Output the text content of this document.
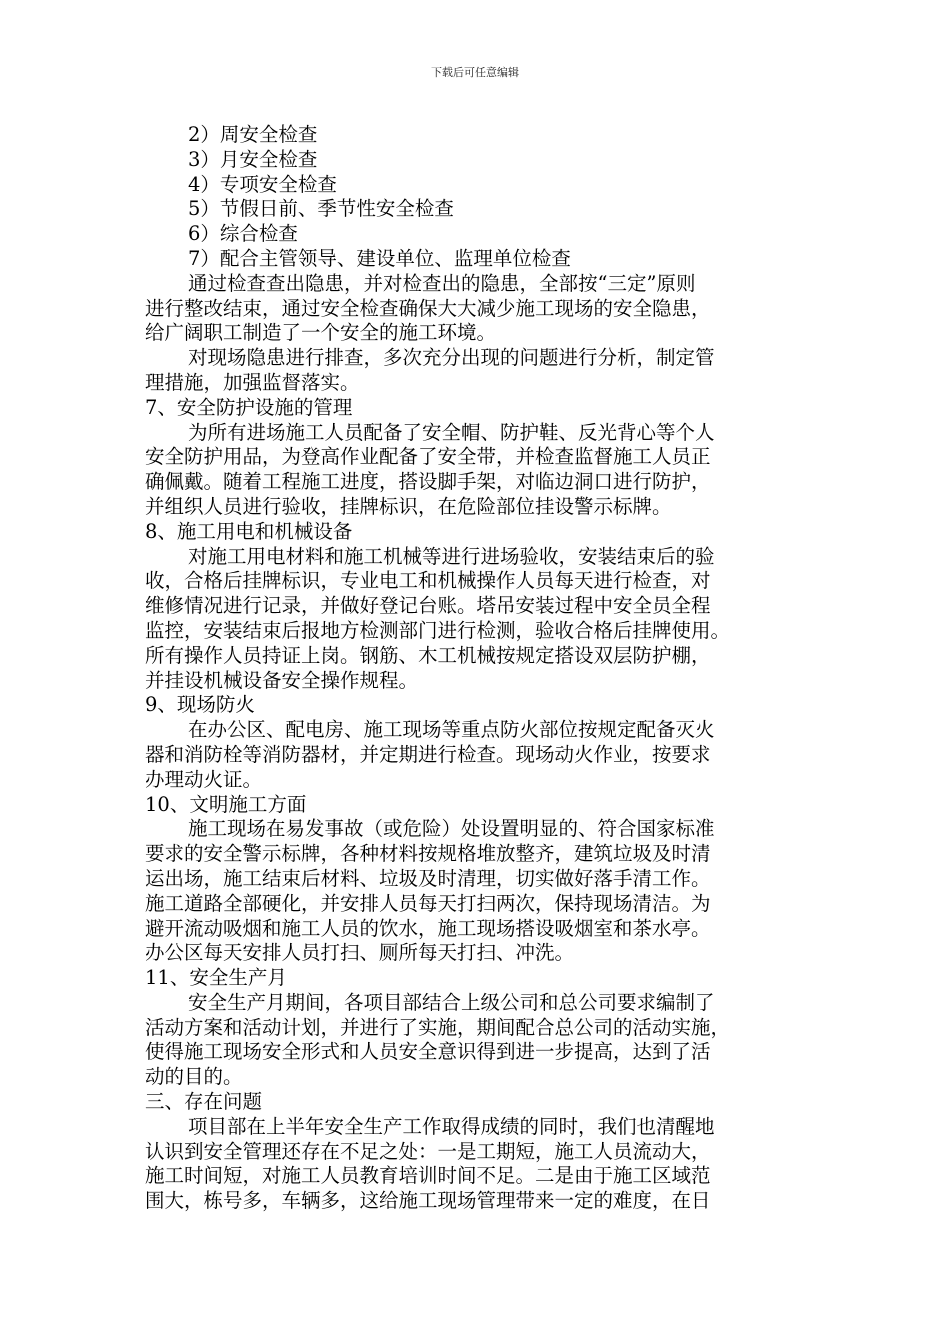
下载后可任意编辑
2）周安全检查
3）月安全检查
4）专项安全检查
5）节假日前、季节性安全检查
6）综合检查
7）配合主管领导、建设单位、监理单位检查
通过检查查出隐患，并对检查出的隐患，全部按“三定”原则
进行整改结束，通过安全检查确保大大减少施工现场的安全隐患，
给广阔职工制造了一个安全的施工环境。
对现场隐患进行排查，多次充分出现的问题进行分析，制定管
理措施，加强监督落实。
7、安全防护设施的管理
为所有进场施工人员配备了安全帽、防护鞋、反光背心等个人
安全防护用品，为登高作业配备了安全带，并检查监督施工人员正
确佩戴。随着工程施工进度，搭设脚手架，对临边洞口进行防护，
并组织人员进行验收，挂牌标识，在危险部位挂设警示标牌。
8、施工用电和机械设备
对施工用电材料和施工机械等进行进场验收，安装结束后的验
收，合格后挂牌标识，专业电工和机械操作人员每天进行检查，对
维修情况进行记录，并做好登记台账。塔吊安装过程中安全员全程
监控，安装结束后报地方检测部门进行检测，验收合格后挂牌使用。
所有操作人员持证上岗。钢筋、木工机械按规定搭设双层防护棚，
并挂设机械设备安全操作规程。
9、现场防火
在办公区、配电房、施工现场等重点防火部位按规定配备灭火
器和消防栓等消防器材，并定期进行检查。现场动火作业，按要求
办理动火证。
10、文明施工方面
施工现场在易发事故（或危险）处设置明显的、符合国家标准
要求的安全警示标牌，各种材料按规格堆放整齐，建筑垃圾及时清
运出场，施工结束后材料、垃圾及时清理，切实做好落手清工作。
施工道路全部硬化，并安排人员每天打扫两次，保持现场清洁。为
避开流动吸烟和施工人员的饮水，施工现场搭设吸烟室和茶水亭。
办公区每天安排人员打扫、厕所每天打扫、冲洗。
11、安全生产月
安全生产月期间，各项目部结合上级公司和总公司要求编制了
活动方案和活动计划，并进行了实施，期间配合总公司的活动实施，
使得施工现场安全形式和人员安全意识得到进一步提高，达到了活
动的目的。
三、存在问题
项目部在上半年安全生产工作取得成绩的同时，我们也清醒地
认识到安全管理还存在不足之处：一是工期短，施工人员流动大，
施工时间短，对施工人员教育培训时间不足。二是由于施工区域范
围大，栋号多，车辆多，这给施工现场管理带来一定的难度，在日
